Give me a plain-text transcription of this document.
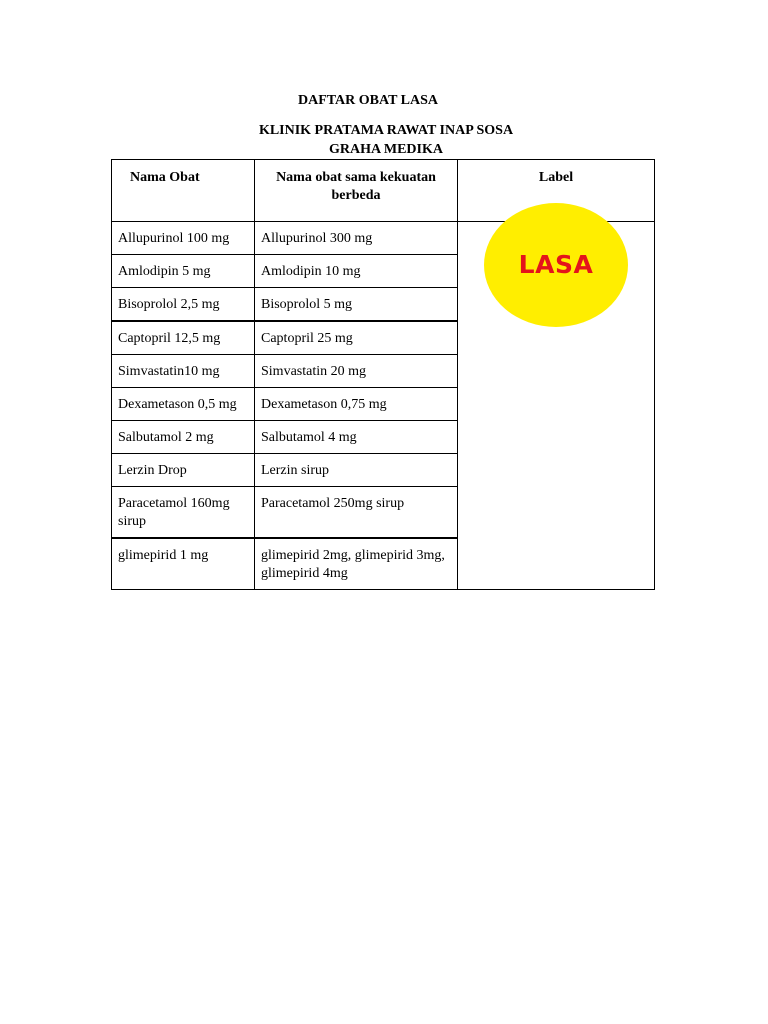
DAFTAR OBAT LASA

KLINIK PRATAMA RAWAT INAP SOSA

GRAHA MEDIKA

Nama Obat	Nama obat sama kekuatan berbeda	Label
Allupurinol 100 mg	Allupurinol 300 mg	LASA

Amlodipin 5 mg	Amlodipin 10 mg	
Bisoprolol 2,5 mg	Bisoprolol 5 mg	
Captopril 12,5 mg	Captopril 25 mg	
Simvastatin10 mg	Simvastatin 20 mg	
Dexametason 0,5 mg	Dexametason 0,75 mg	
Salbutamol 2 mg	Salbutamol 4 mg	
Lerzin Drop	Lerzin sirup	
Paracetamol 160mg sirup	Paracetamol 250mg sirup	
glimepirid 1 mg	glimepirid 2mg, glimepirid 3mg, glimepirid 4mg	
